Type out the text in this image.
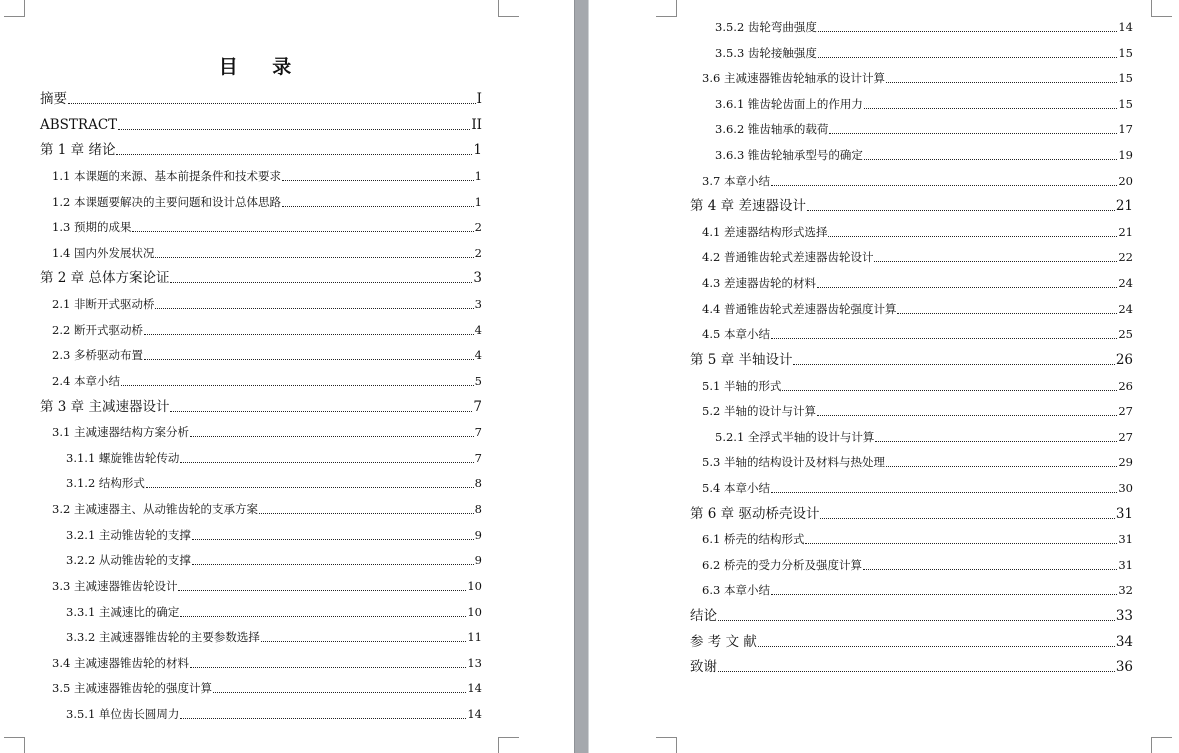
目 录
摘要	I
ABSTRACT	II
第 1 章 绪论	1
1.1 本课题的来源、基本前提条件和技术要求	1
1.2 本课题要解决的主要问题和设计总体思路	1
1.3 预期的成果	2
1.4 国内外发展状况	2
第 2 章 总体方案论证	3
2.1 非断开式驱动桥	3
2.2 断开式驱动桥	4
2.3 多桥驱动布置	4
2.4 本章小结	5
第 3 章 主减速器设计	7
3.1 主减速器结构方案分析	7
3.1.1 螺旋锥齿轮传动	7
3.1.2 结构形式	8
3.2 主减速器主、从动锥齿轮的支承方案	8
3.2.1 主动锥齿轮的支撑	9
3.2.2 从动锥齿轮的支撑	9
3.3 主减速器锥齿轮设计	10
3.3.1 主减速比的确定	10
3.3.2 主减速器锥齿轮的主要参数选择	11
3.4 主减速器锥齿轮的材料	13
3.5 主减速器锥齿轮的强度计算	14
3.5.1 单位齿长圆周力	14
3.5.2 齿轮弯曲强度	14
3.5.3 齿轮接触强度	15
3.6 主减速器锥齿轮轴承的设计计算	15
3.6.1 锥齿轮齿面上的作用力	15
3.6.2 锥齿轴承的载荷	17
3.6.3 锥齿轮轴承型号的确定	19
3.7 本章小结	20
第 4 章 差速器设计	21
4.1 差速器结构形式选择	21
4.2 普通锥齿轮式差速器齿轮设计	22
4.3 差速器齿轮的材料	24
4.4 普通锥齿轮式差速器齿轮强度计算	24
4.5 本章小结	25
第 5 章 半轴设计	26
5.1 半轴的形式	26
5.2 半轴的设计与计算	27
5.2.1 全浮式半轴的设计与计算	27
5.3 半轴的结构设计及材料与热处理	29
5.4 本章小结	30
第 6 章 驱动桥壳设计	31
6.1 桥壳的结构形式	31
6.2 桥壳的受力分析及强度计算	31
6.3 本章小结	32
结论	33
参 考 文 献	34
致谢	36
